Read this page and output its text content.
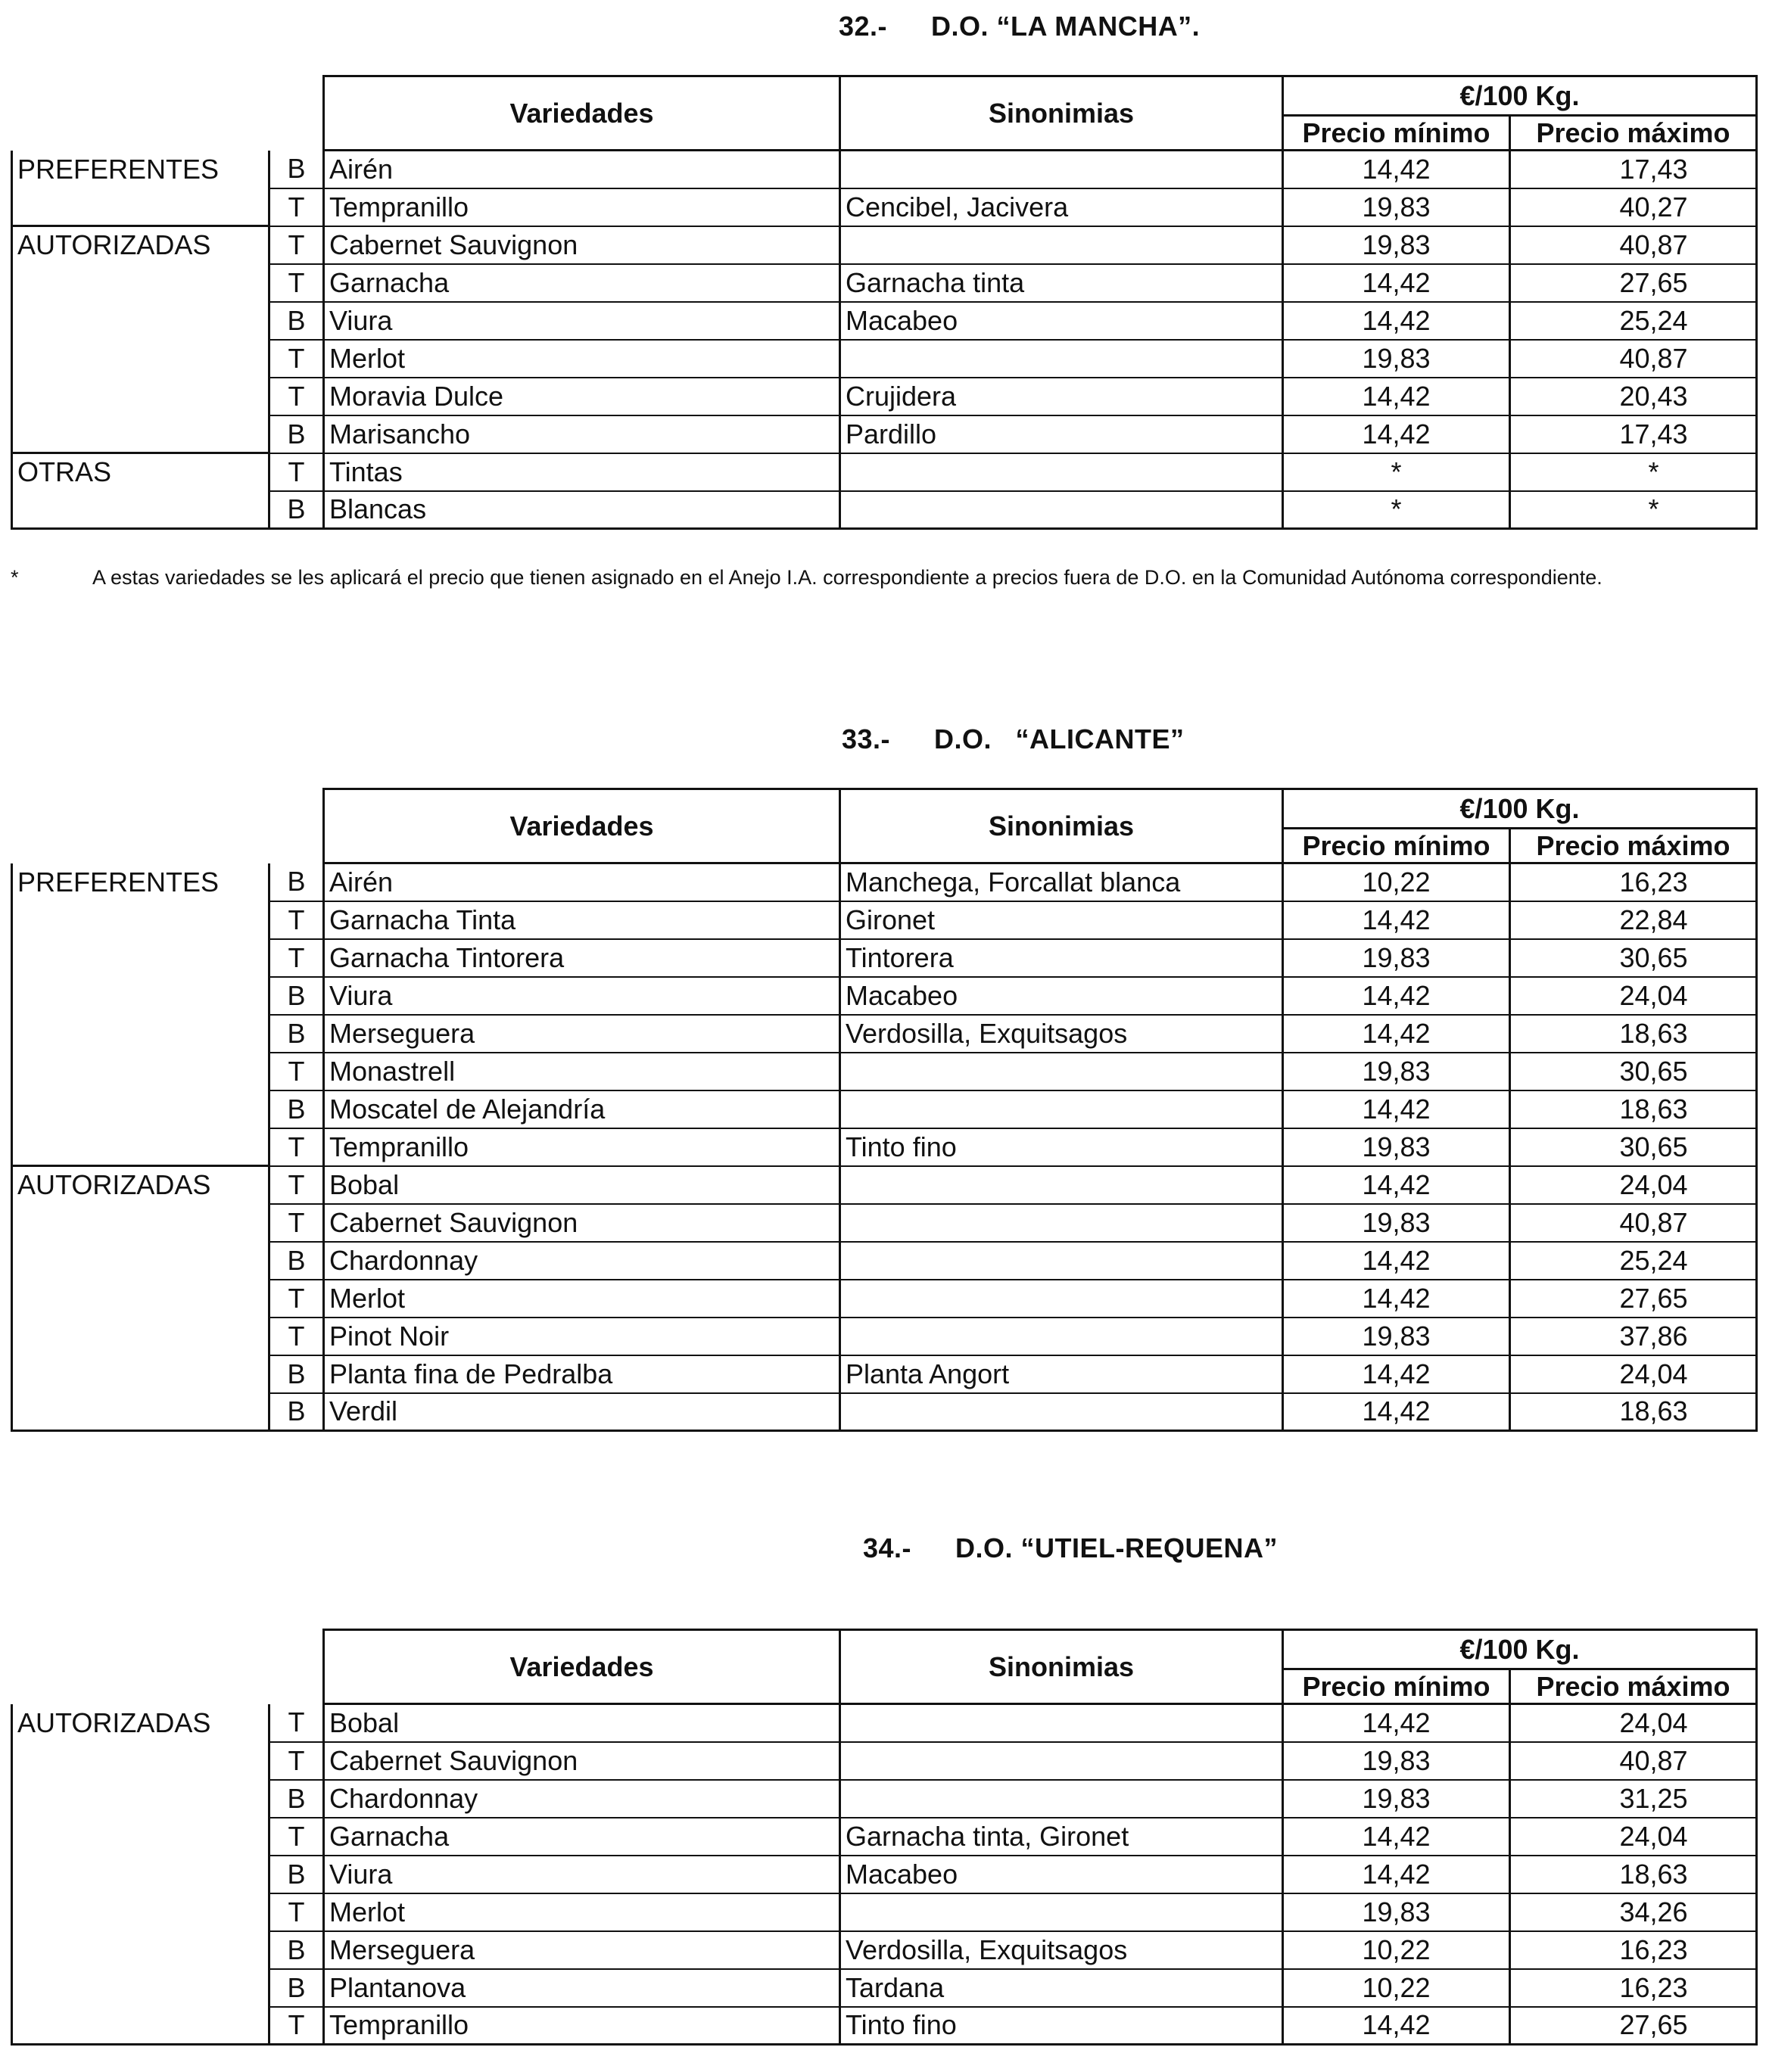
32.- D.O. “LA MANCHA”.
		Variedades	Sinonimias	€/100 Kg.	
				Precio mínimo	Precio máximo
PREFERENTES	B	Airén		14,42	17,43
	T	Tempranillo	Cencibel, Jacivera	19,83	40,27
AUTORIZADAS	T	Cabernet Sauvignon		19,83	40,87
	T	Garnacha	Garnacha tinta	14,42	27,65
	B	Viura	Macabeo	14,42	25,24
	T	Merlot		19,83	40,87
	T	Moravia Dulce	Crujidera	14,42	20,43
	B	Marisancho	Pardillo	14,42	17,43
OTRAS	T	Tintas		*	*
	B	Blancas		*	*
*	A estas variedades se les aplicará el precio que tienen asignado en el Anejo I.A. correspondiente a precios fuera de D.O. en la Comunidad Autónoma correspondiente.
33.- D.O.   “ALICANTE”
		Variedades	Sinonimias	€/100 Kg.	
				Precio mínimo	Precio máximo
PREFERENTES	B	Airén	Manchega, Forcallat blanca	10,22	16,23
	T	Garnacha Tinta	Gironet	14,42	22,84
	T	Garnacha Tintorera	Tintorera	19,83	30,65
	B	Viura	Macabeo	14,42	24,04
	B	Merseguera	Verdosilla, Exquitsagos	14,42	18,63
	T	Monastrell		19,83	30,65
	B	Moscatel de Alejandría		14,42	18,63
	T	Tempranillo	Tinto fino	19,83	30,65
AUTORIZADAS	T	Bobal		14,42	24,04
	T	Cabernet Sauvignon		19,83	40,87
	B	Chardonnay		14,42	25,24
	T	Merlot		14,42	27,65
	T	Pinot Noir		19,83	37,86
	B	Planta fina de Pedralba	Planta Angort	14,42	24,04
	B	Verdil		14,42	18,63
34.- D.O. “UTIEL-REQUENA”
		Variedades	Sinonimias	€/100 Kg.	
				Precio mínimo	Precio máximo
AUTORIZADAS	T	Bobal		14,42	24,04
	T	Cabernet Sauvignon		19,83	40,87
	B	Chardonnay		19,83	31,25
	T	Garnacha	Garnacha tinta, Gironet	14,42	24,04
	B	Viura	Macabeo	14,42	18,63
	T	Merlot		19,83	34,26
	B	Merseguera	Verdosilla, Exquitsagos	10,22	16,23
	B	Plantanova	Tardana	10,22	16,23
	T	Tempranillo	Tinto fino	14,42	27,65
